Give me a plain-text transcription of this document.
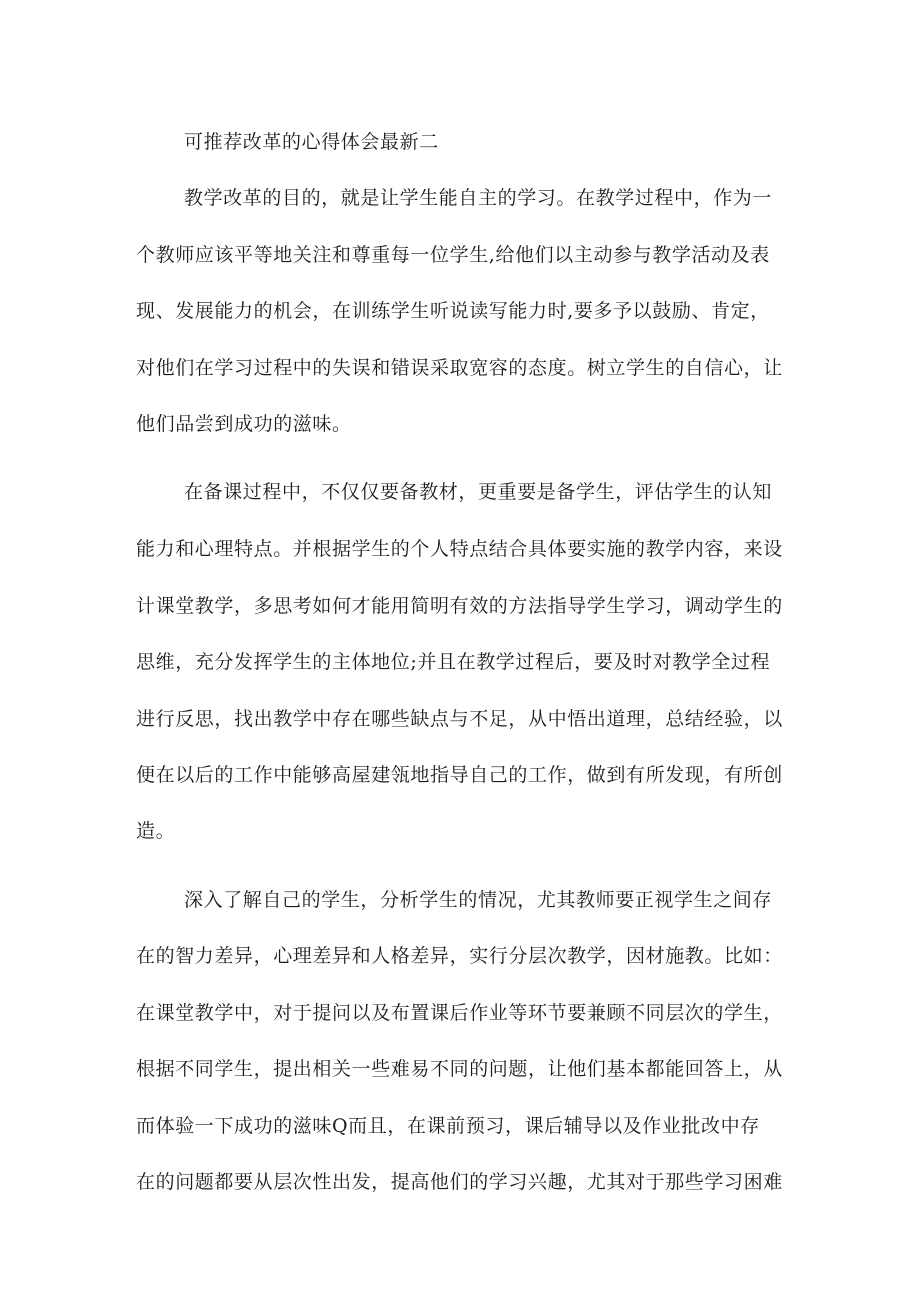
可推荐改革的心得体会最新二
教学改革的目的，就是让学生能自主的学习。在教学过程中，作为一
个教师应该平等地关注和尊重每一位学生,给他们以主动参与教学活动及表
现、发展能力的机会，在训练学生听说读写能力时,要多予以鼓励、肯定，
对他们在学习过程中的失误和错误采取宽容的态度。树立学生的自信心，让
他们品尝到成功的滋味。
在备课过程中，不仅仅要备教材，更重要是备学生，评估学生的认知
能力和心理特点。并根据学生的个人特点结合具体要实施的教学内容，来设
计课堂教学，多思考如何才能用简明有效的方法指导学生学习，调动学生的
思维，充分发挥学生的主体地位;并且在教学过程后，要及时对教学全过程
进行反思，找出教学中存在哪些缺点与不足，从中悟出道理，总结经验，以
便在以后的工作中能够高屋建瓴地指导自己的工作，做到有所发现，有所创
造。
深入了解自己的学生，分析学生的情况，尤其教师要正视学生之间存
在的智力差异，心理差异和人格差异，实行分层次教学，因材施教。比如：
在课堂教学中，对于提问以及布置课后作业等环节要兼顾不同层次的学生，
根据不同学生，提出相关一些难易不同的问题，让他们基本都能回答上，从
而体验一下成功的滋味Q而且，在课前预习，课后辅导以及作业批改中存
在的问题都要从层次性出发，提高他们的学习兴趣，尤其对于那些学习困难
